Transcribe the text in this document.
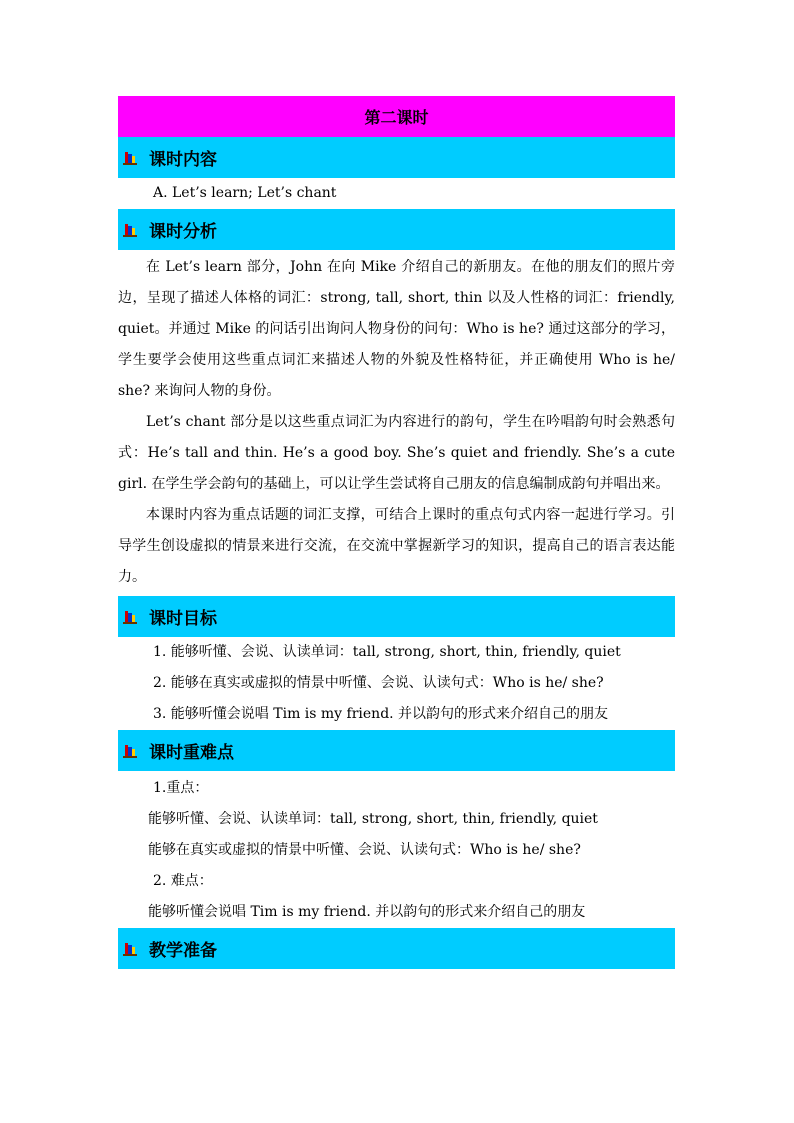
第二课时
课时内容
A. Let’s learn; Let’s chant
课时分析

在 Let’s learn 部分，John 在向 Mike 介绍自己的新朋友。在他的朋友们的照片旁边，呈现了描述人体格的词汇：strong, tall, short, thin 以及人性格的词汇：friendly, quiet。并通过 Mike 的问话引出询问人物身份的问句：Who is he? 通过这部分的学习，学生要学会使用这些重点词汇来描述人物的外貌及性格特征，并正确使用 Who is he/ she? 来询问人物的身份。

Let’s chant 部分是以这些重点词汇为内容进行的韵句，学生在吟唱韵句时会熟悉句式：He’s tall and thin. He’s a good boy. She’s quiet and friendly. She’s a cute girl. 在学生学会韵句的基础上，可以让学生尝试将自己朋友的信息编制成韵句并唱出来。

本课时内容为重点话题的词汇支撑，可结合上课时的重点句式内容一起进行学习。引导学生创设虚拟的情景来进行交流，在交流中掌握新学习的知识，提高自己的语言表达能力。

课时目标
1. 能够听懂、会说、认读单词：tall, strong, short, thin, friendly, quiet
2. 能够在真实或虚拟的情景中听懂、会说、认读句式：Who is he/ she?
3. 能够听懂会说唱 Tim is my friend. 并以韵句的形式来介绍自己的朋友
课时重难点
1.重点：
能够听懂、会说、认读单词：tall, strong, short, thin, friendly, quiet
能够在真实或虚拟的情景中听懂、会说、认读句式：Who is he/ she?
2. 难点：
能够听懂会说唱 Tim is my friend. 并以韵句的形式来介绍自己的朋友
教学准备
